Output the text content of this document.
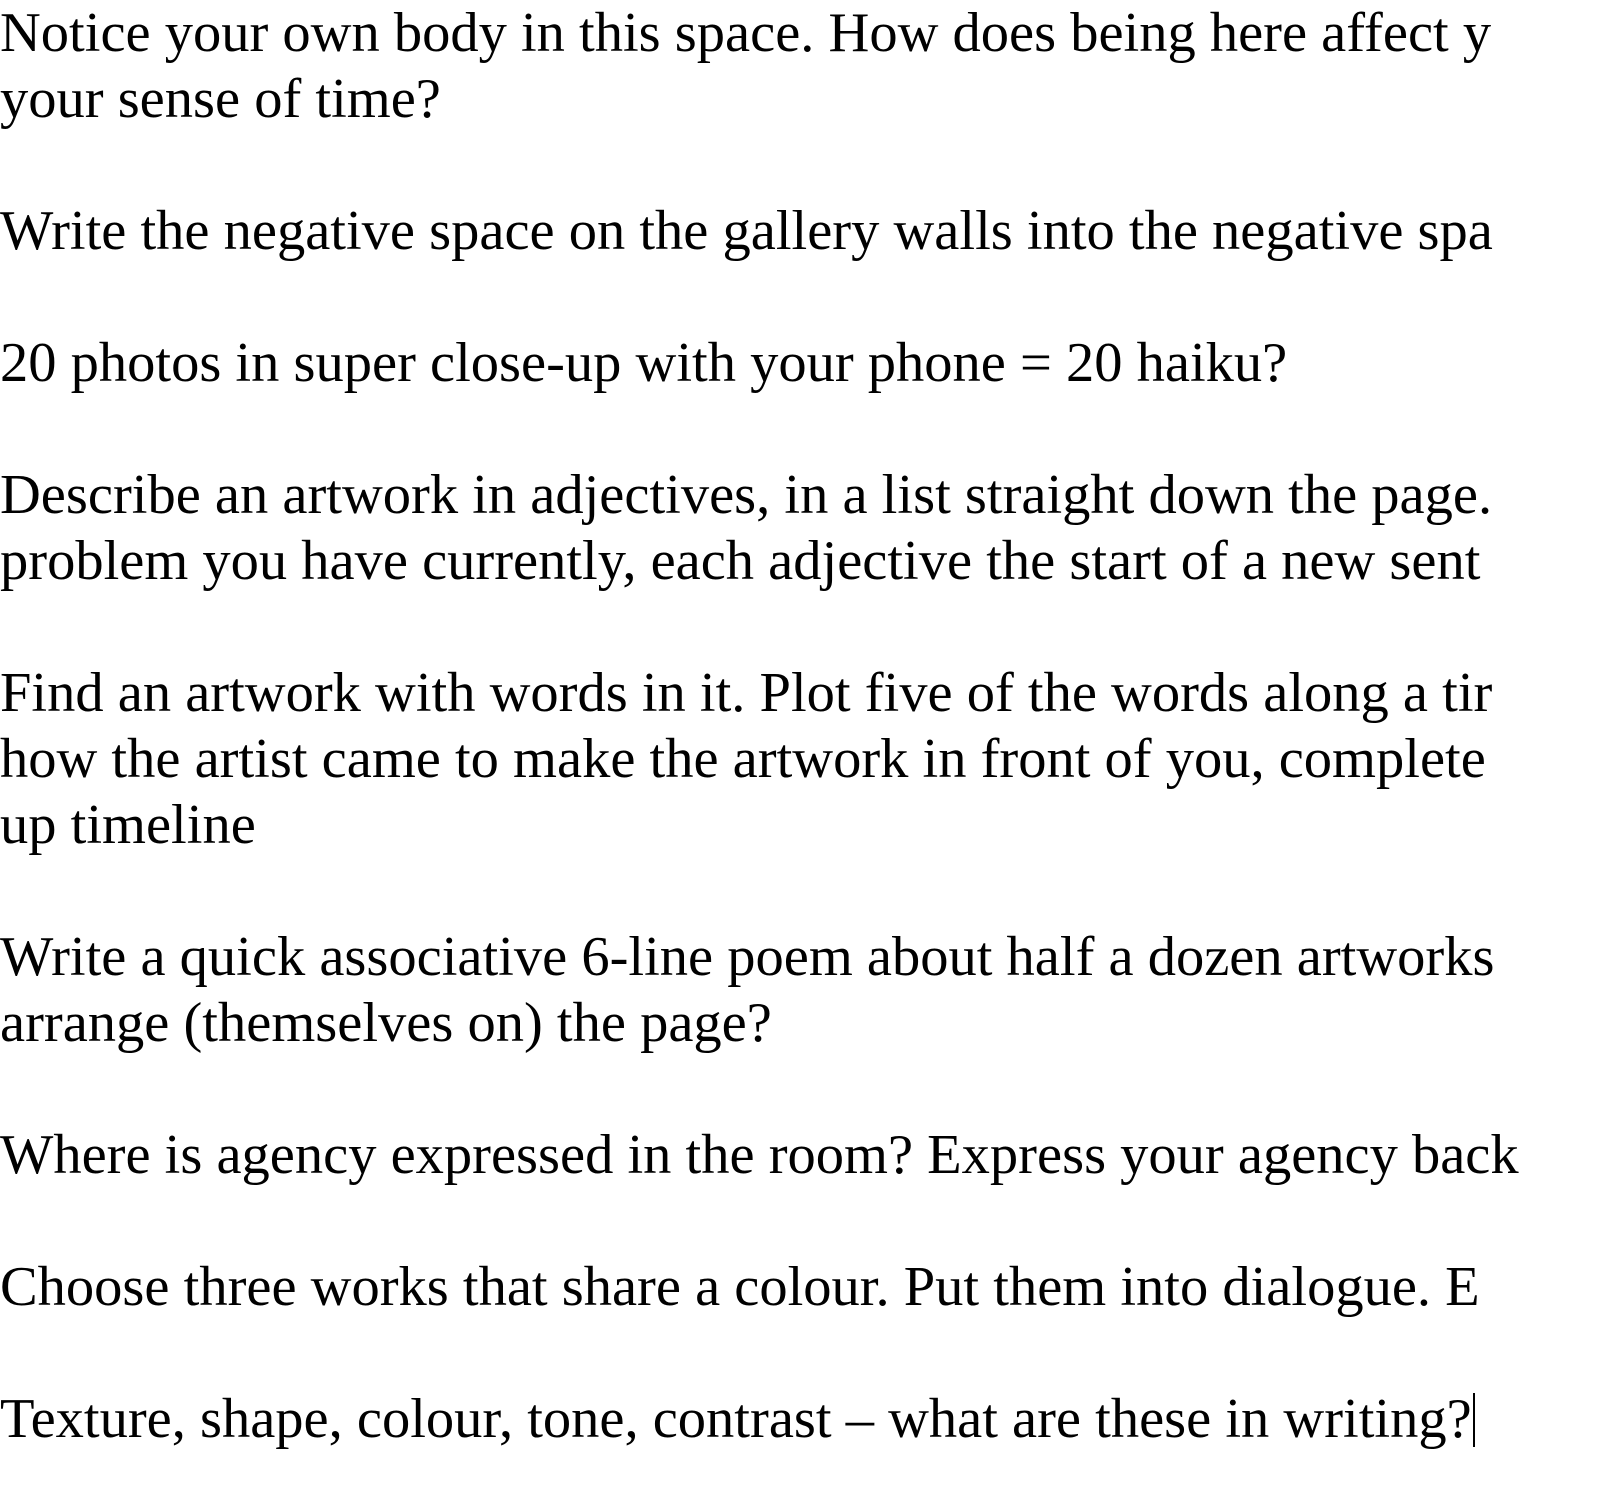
Notice your own body in this space. How does being here affect y
your sense of time?

Write the negative space on the gallery walls into the negative spa

20 photos in super close-up with your phone = 20 haiku?

Describe an artwork in adjectives, in a list straight down the page.
problem you have currently, each adjective the start of a new sent

Find an artwork with words in it. Plot five of the words along a tir
how the artist came to make the artwork in front of you, complete
up timeline

Write a quick associative 6-line poem about half a dozen artworks
arrange (themselves on) the page?

Where is agency expressed in the room? Express your agency back

Choose three works that share a colour. Put them into dialogue. E

Texture, shape, colour, tone, contrast – what are these in writing?
